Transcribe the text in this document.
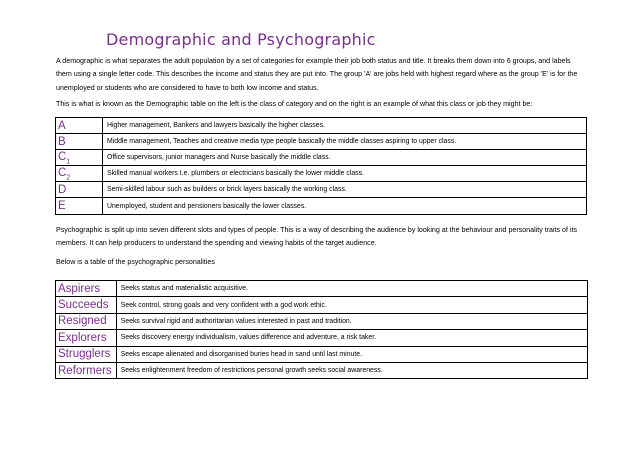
Demographic and Psychographic
A demographic is what separates the adult population by a set of categories for example their job both status and title. It breaks them down into 6 groups, and labels them using a single letter code. This describes the income and status they are put into. The group 'A' are jobs held with highest regard where as the group 'E' is for the unemployed or students who are considered to have to both low income and status.
This is what is known as the Demographic table on the left is the class of category and on the right is an example of what this class or job they might be:
A	Higher management, Bankers and lawyers basically the higher classes.
B	Middle management, Teaches and creative media type people basically the middle classes aspiring to upper class.
$C_1$	Office supervisors, junior managers and Nurse basically the middle class.
$C_2$	Skilled manual workers I.e. plumbers or electricians basically the lower middle class.
D	Semi-skilled labour such as builders or brick layers basically the working class.
E	Unemployed, student and pensioners basically the lower classes.
Psychographic is split up into seven different slots and types of people. This is a way of describing the audience by looking at the behaviour and personality traits of its members. It can help producers to understand the spending and viewing habits of the target audience.
Below is a table of the psychographic personalities
Aspirers	Seeks status and materialistic acquisitive.
Succeeds	Seek control, strong goals and very confident with a god work ethic.
Resigned	Seeks survival rigid and authoritarian values interested in past and tradition.
Explorers	Seeks discovery energy individualism, values difference and adventure, a risk taker.
Strugglers	Seeks escape alienated and disorganised buries head in sand until last minute.
Reformers	Seeks enlightenment freedom of restrictions personal growth seeks social awareness.
